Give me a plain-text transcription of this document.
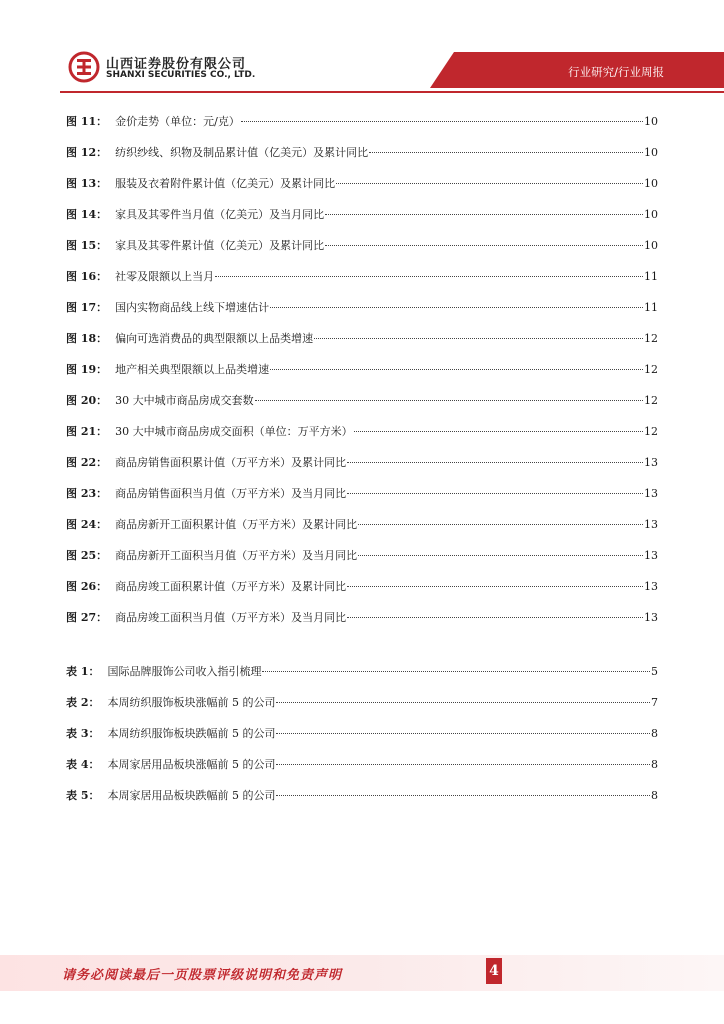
山西证券股份有限公司
SHANXI SECURITIES CO., LTD.	行业研究/行业周报
图 11： 金价走势（单位：元/克）	10
图 12： 纺织纱线、织物及制品累计值（亿美元）及累计同比	10
图 13： 服装及衣着附件累计值（亿美元）及累计同比	10
图 14： 家具及其零件当月值（亿美元）及当月同比	10
图 15： 家具及其零件累计值（亿美元）及累计同比	10
图 16： 社零及限额以上当月	11
图 17： 国内实物商品线上线下增速估计	11
图 18： 偏向可选消费品的典型限额以上品类增速	12
图 19： 地产相关典型限额以上品类增速	12
图 20： 30 大中城市商品房成交套数	12
图 21： 30 大中城市商品房成交面积（单位：万平方米）	12
图 22： 商品房销售面积累计值（万平方米）及累计同比	13
图 23： 商品房销售面积当月值（万平方米）及当月同比	13
图 24： 商品房新开工面积累计值（万平方米）及累计同比	13
图 25： 商品房新开工面积当月值（万平方米）及当月同比	13
图 26： 商品房竣工面积累计值（万平方米）及累计同比	13
图 27： 商品房竣工面积当月值（万平方米）及当月同比	13
表 1： 国际品牌服饰公司收入指引梳理	5
表 2： 本周纺织服饰板块涨幅前 5 的公司	7
表 3： 本周纺织服饰板块跌幅前 5 的公司	8
表 4： 本周家居用品板块涨幅前 5 的公司	8
表 5： 本周家居用品板块跌幅前 5 的公司	8
请务必阅读最后一页股票评级说明和免责声明	4
